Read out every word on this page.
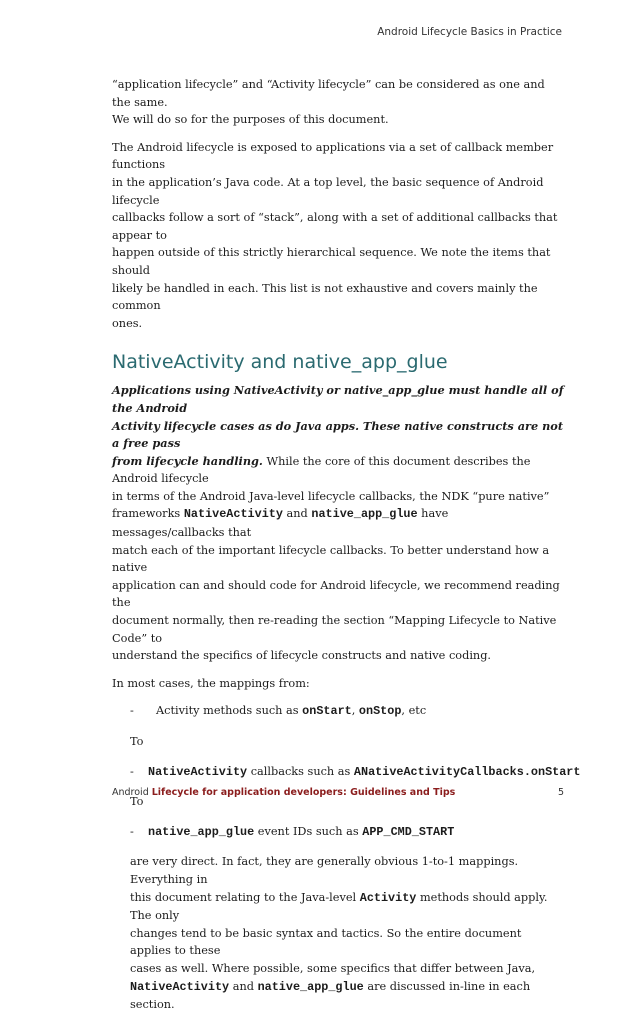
Android Lifecycle Basics in Practice

“application lifecycle” and “Activity lifecycle” can be considered as one and the same.
We will do so for the purposes of this document.

The Android lifecycle is exposed to applications via a set of callback member functions
in the application’s Java code. At a top level, the basic sequence of Android lifecycle
callbacks follow a sort of “stack”, along with a set of additional callbacks that appear to
happen outside of this strictly hierarchical sequence. We note the items that should
likely be handled in each. This list is not exhaustive and covers mainly the common
ones.

NativeActivity and native_app_glue

Applications using NativeActivity or native_app_glue must handle all of the Android
Activity lifecycle cases as do Java apps. These native constructs are not a free pass
from lifecycle handling. While the core of this document describes the Android lifecycle
in terms of the Android Java-level lifecycle callbacks, the NDK “pure native”
frameworks NativeActivity and native_app_glue have messages/callbacks that
match each of the important lifecycle callbacks. To better understand how a native
application can and should code for Android lifecycle, we recommend reading the
document normally, then re-reading the section “Mapping Lifecycle to Native Code” to
understand the specifics of lifecycle constructs and native coding.

In most cases, the mappings from:

- Activity methods such as onStart, onStop, etc
To
- NativeActivity callbacks such as ANativeActivityCallbacks.onStart
To
- native_app_glue event IDs such as APP_CMD_START

are very direct. In fact, they are generally obvious 1-to-1 mappings. Everything in
this document relating to the Java-level Activity methods should apply. The only
changes tend to be basic syntax and tactics. So the entire document applies to these
cases as well. Where possible, some specifics that differ between Java,
NativeActivity and native_app_glue are discussed in-line in each section.

Android Lifecycle for application developers: Guidelines and Tips	5
